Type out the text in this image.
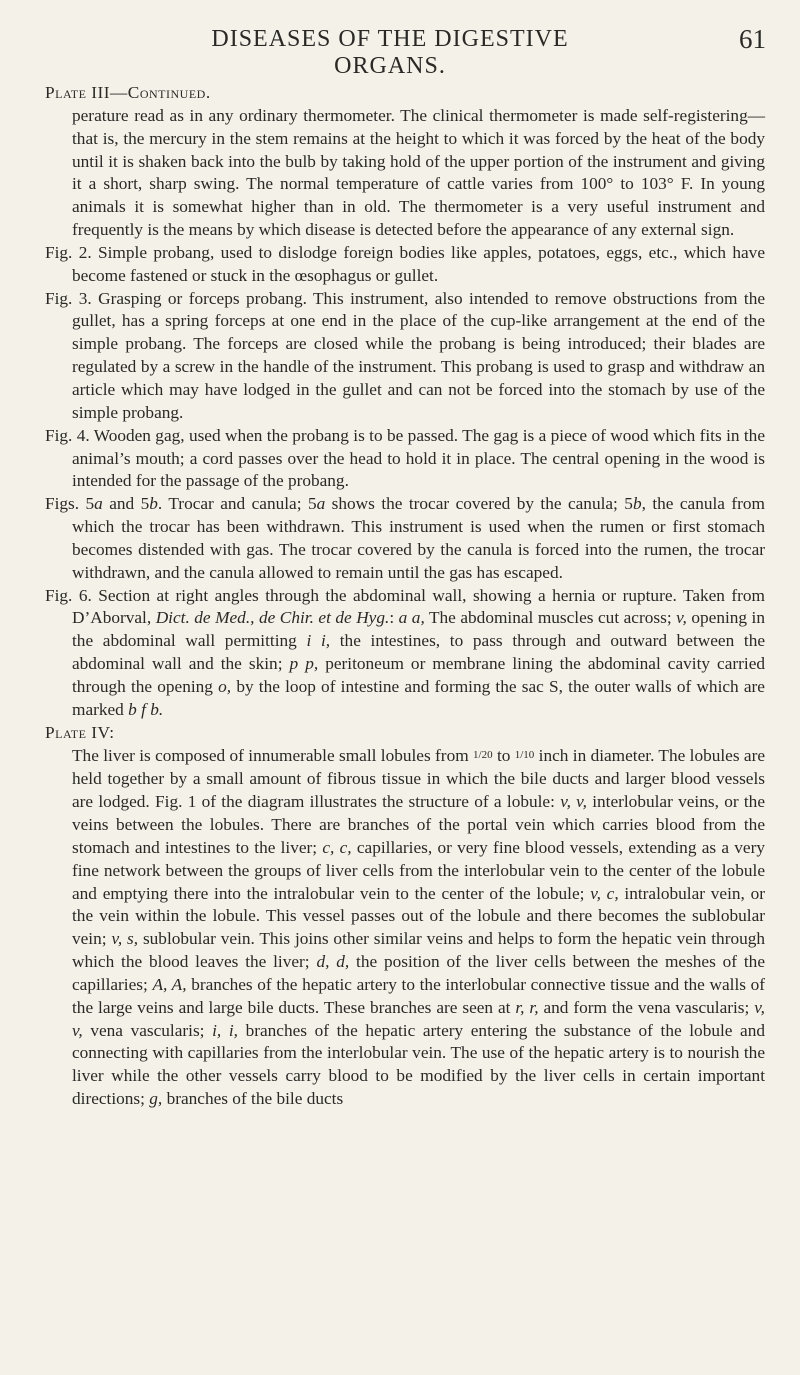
DISEASES OF THE DIGESTIVE ORGANS.
61

Plate III—Continued.

perature read as in any ordinary thermometer. The clinical thermometer is made self-registering—that is, the mercury in the stem remains at the height to which it was forced by the heat of the body until it is shaken back into the bulb by taking hold of the upper portion of the instrument and giving it a short, sharp swing. The normal temperature of cattle varies from 100° to 103° F. In young animals it is somewhat higher than in old. The thermometer is a very useful instrument and frequently is the means by which disease is detected before the appearance of any external sign.

Fig. 2. Simple probang, used to dislodge foreign bodies like apples, potatoes, eggs, etc., which have become fastened or stuck in the œsophagus or gullet.

Fig. 3. Grasping or forceps probang. This instrument, also intended to remove obstructions from the gullet, has a spring forceps at one end in the place of the cup-like arrangement at the end of the simple probang. The forceps are closed while the probang is being introduced; their blades are regulated by a screw in the handle of the instrument. This probang is used to grasp and withdraw an article which may have lodged in the gullet and can not be forced into the stomach by use of the simple probang.

Fig. 4. Wooden gag, used when the probang is to be passed. The gag is a piece of wood which fits in the animal’s mouth; a cord passes over the head to hold it in place. The central opening in the wood is intended for the passage of the probang.

Figs. 5a and 5b. Trocar and canula; 5a shows the trocar covered by the canula; 5b, the canula from which the trocar has been withdrawn. This instrument is used when the rumen or first stomach becomes distended with gas. The trocar covered by the canula is forced into the rumen, the trocar withdrawn, and the canula allowed to remain until the gas has escaped.

Fig. 6. Section at right angles through the abdominal wall, showing a hernia or rupture. Taken from D’Aborval, Dict. de Med., de Chir. et de Hyg.: a a, The abdominal muscles cut across; v, opening in the abdominal wall permitting i i, the intestines, to pass through and outward between the abdominal wall and the skin; p p, peritoneum or membrane lining the abdominal cavity carried through the opening o, by the loop of intestine and forming the sac S, the outer walls of which are marked b f b.

Plate IV:

The liver is composed of innumerable small lobules from 1/20 to 1/10 inch in diameter. The lobules are held together by a small amount of fibrous tissue in which the bile ducts and larger blood vessels are lodged. Fig. 1 of the diagram illustrates the structure of a lobule: v, v, interlobular veins, or the veins between the lobules. There are branches of the portal vein which carries blood from the stomach and intestines to the liver; c, c, capillaries, or very fine blood vessels, extending as a very fine network between the groups of liver cells from the interlobular vein to the center of the lobule and emptying there into the intralobular vein to the center of the lobule; v, c, intralobular vein, or the vein within the lobule. This vessel passes out of the lobule and there becomes the sublobular vein; v, s, sublobular vein. This joins other similar veins and helps to form the hepatic vein through which the blood leaves the liver; d, d, the position of the liver cells between the meshes of the capillaries; A, A, branches of the hepatic artery to the interlobular connective tissue and the walls of the large veins and large bile ducts. These branches are seen at r, r, and form the vena vascularis; v, v, vena vascularis; i, i, branches of the hepatic artery entering the substance of the lobule and connecting with capillaries from the interlobular vein. The use of the hepatic artery is to nourish the liver while the other vessels carry blood to be modified by the liver cells in certain important directions; g, branches of the bile ducts
